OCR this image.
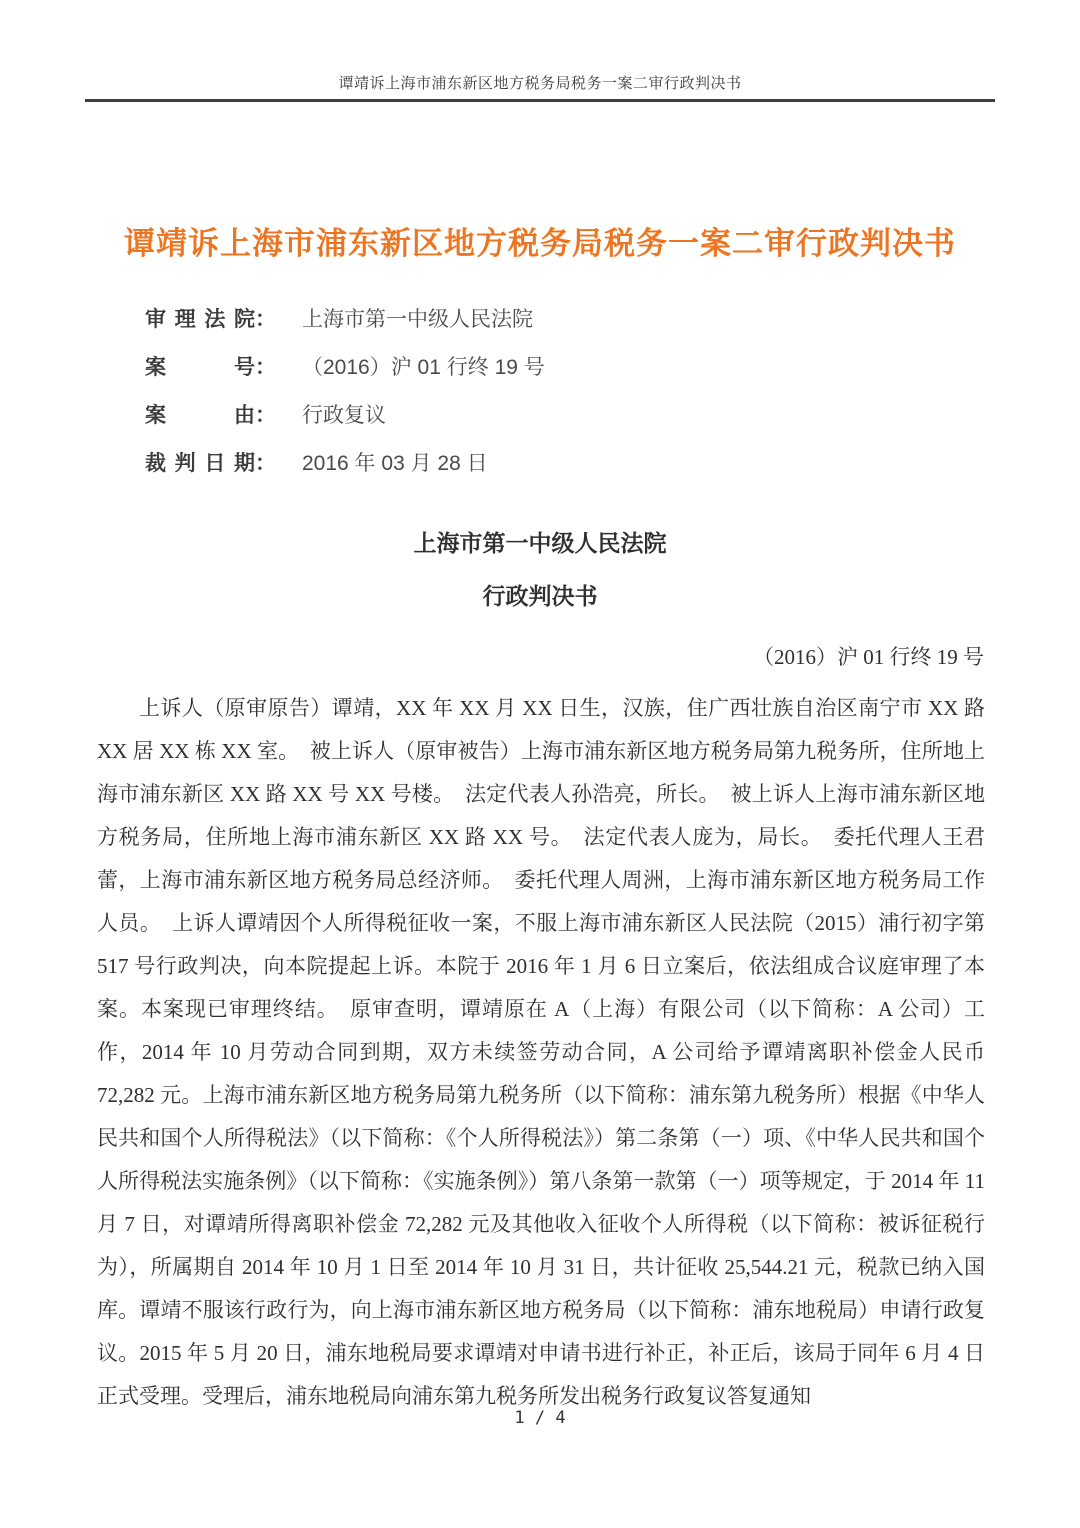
谭靖诉上海市浦东新区地方税务局税务一案二审行政判决书
谭靖诉上海市浦东新区地方税务局税务一案二审行政判决书
审理法院 ： 上海市第一中级人民法院
案号 ： （2016）沪 01 行终 19 号
案由 ： 行政复议
裁判日期 ： 2016 年 03 月 28 日
上海市第一中级人民法院
行政判决书
（2016）沪 01 行终 19 号
上诉人（原审原告）谭靖，XX 年 XX 月 XX 日生，汉族，住广西壮族自治区南宁市 XX 路 XX 居 XX 栋 XX 室。　被上诉人（原审被告）上海市浦东新区地方税务局第九税务所，住所地上海市浦东新区 XX 路 XX 号 XX 号楼。　法定代表人孙浩亮，所长。　被上诉人上海市浦东新区地方税务局，住所地上海市浦东新区 XX 路 XX 号。　法定代表人庞为，局长。　委托代理人王君蕾，上海市浦东新区地方税务局总经济师。　委托代理人周洲，上海市浦东新区地方税务局工作人员。　上诉人谭靖因个人所得税征收一案，不服上海市浦东新区人民法院（2015）浦行初字第 517 号行政判决，向本院提起上诉。本院于 2016 年 1 月 6 日立案后，依法组成合议庭审理了本案。本案现已审理终结。　原审查明，谭靖原在 A（上海）有限公司（以下简称：A 公司）工作，2014 年 10 月劳动合同到期，双方未续签劳动合同，A 公司给予谭靖离职补偿金人民币 72,282 元。上海市浦东新区地方税务局第九税务所（以下简称：浦东第九税务所）根据《中华人民共和国个人所得税法》（以下简称：《个人所得税法》）第二条第（一）项、《中华人民共和国个人所得税法实施条例》（以下简称：《实施条例》）第八条第一款第（一）项等规定，于 2014 年 11 月 7 日，对谭靖所得离职补偿金 72,282 元及其他收入征收个人所得税（以下简称：被诉征税行为），所属期自 2014 年 10 月 1 日至 2014 年 10 月 31 日，共计征收 25,544.21 元，税款已纳入国库。谭靖不服该行政行为，向上海市浦东新区地方税务局（以下简称：浦东地税局）申请行政复议。2015 年 5 月 20 日，浦东地税局要求谭靖对申请书进行补正，补正后，该局于同年 6 月 4 日正式受理。受理后，浦东地税局向浦东第九税务所发出税务行政复议答复通知
1 / 4
